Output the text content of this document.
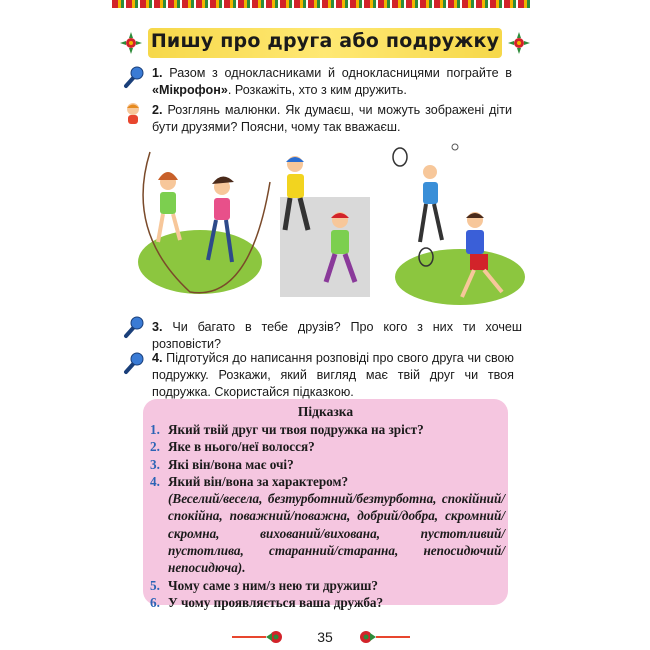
Пишу про друга або подружку
1. Разом з однокласниками й однокласницями пограйте в «Мікрофон». Розкажіть, хто з ким дружить.
2. Розглянь малюнки. Як думаєш, чи можуть зображені діти бути друзями? Поясни, чому так вважаєш.
3. Чи багато в тебе друзів? Про кого з них ти хочеш розповісти?
4. Підготуйся до написання розповіді про свого друга чи свою подружку. Розкажи, який вигляд має твій друг чи твоя подружка. Скористайся підказкою.
Підказка
1. Який твій друг чи твоя подружка на зріст?
2. Яке в нього/неї волосся?
3. Які він/вона має очі?
4. Який він/вона за характером?
(Веселий/весела, безтурботний/безтурботна, спокійний/спокійна, поважний/поважна, добрий/добра, скромний/скромна, вихований/вихована, пустотливий/пустотлива, старанний/старанна, непосидючий/непосидюча).
5. Чому саме з ним/з нею ти дружиш?
6. У чому проявляється ваша дружба?
35
